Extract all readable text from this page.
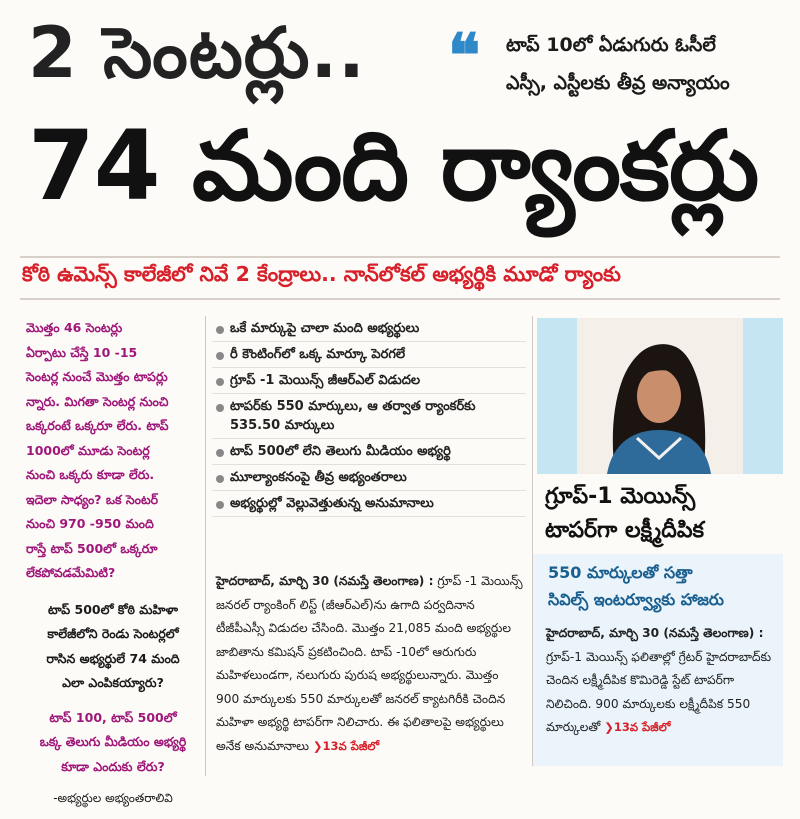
2 సెంటర్లు.. ❝ టాప్ 10లో ఏడుగురు ఓసీలే
ఎస్సీ, ఎస్టీలకు తీవ్ర అన్యాయం
74 మంది ర్యాంకర్లు
కోఠి ఉమెన్స్ కాలేజీలో నివే 2 కేంద్రాలు.. నాన్‌లోకల్ అభ్యర్థికి మూడో ర్యాంకు

మొత్తం 46 సెంటర్లు

ఏర్పాటు చేస్తే 10 -15

సెంటర్ల నుంచే మొత్తం టాపర్లు

న్నారు. మిగతా సెంటర్ల నుంచి

ఒక్కరంటే ఒక్కరూ లేరు. టాప్

1000లో మూడు సెంటర్ల

నుంచి ఒక్కరు కూడా లేరు.

ఇదెలా సాధ్యం? ఒక సెంటర్

నుంచి 970 -950 మంది

రాస్తే టాప్ 500లో ఒక్కరూ

లేకపోవడమేమిటి?

టాప్ 500లో కోఠి మహిళా

కాలేజీలోని రెండు సెంటర్లలో

రాసిన అభ్యర్థులే 74 మంది

ఎలా ఎంపికయ్యారు?

టాప్ 100, టాప్ 500లో

ఒక్క తెలుగు మీడియం అభ్యర్థి

కూడా ఎందుకు లేరు?

-అభ్యర్థుల అభ్యంతరాలివి
ఒకే మార్కుపై చాలా మంది అభ్యర్థులు
రీ కౌంటింగ్‌లో ఒక్క మార్కూ పెరగలే
గ్రూప్ -1 మెయిన్స్ జీఆర్ఎల్ విడుదల
టాపర్‌కు 550 మార్కులు, ఆ తర్వాత ర్యాంకర్‌కు 535.50 మార్కులు
టాప్ 500లో లేని తెలుగు మీడియం అభ్యర్థి
మూల్యాంకనంపై తీవ్ర అభ్యంతరాలు
అభ్యర్థుల్లో వెల్లువెత్తుతున్న అనుమానాలు
హైదరాబాద్, మార్చి 30 (నమస్తే తెలంగాణ) : గ్రూప్ -1 మెయిన్స్ జనరల్ ర్యాంకింగ్ లిస్ట్ (జీఆర్ఎల్)ను ఉగాది పర్వదినాన టీజీపీఎస్సీ విడుదల చేసింది. మొత్తం 21,085 మంది అభ్యర్థుల జాబితాను కమిషన్ ప్రకటించింది. టాప్ -10లో ఆరుగురు మహిళలుండగా, నలుగురు పురుష అభ్యర్థులున్నారు. మొత్తం 900 మార్కులకు 550 మార్కులతో జనరల్ క్యాటగిరీకి చెందిన మహిళా అభ్యర్థి టాపర్‌గా నిలిచారు. ఈ ఫలితాలపై అభ్యర్థులు అనేక అనుమానాలు ❯13వ పేజీలో
గ్రూప్-1 మెయిన్స్
టాపర్‌గా లక్ష్మీదీపిక
550 మార్కులతో సత్తా
సివిల్స్ ఇంటర్వ్యూకు హాజరు
హైదరాబాద్, మార్చి 30 (నమస్తే తెలంగాణ) : గ్రూప్-1 మెయిన్స్ ఫలితాల్లో గ్రేటర్ హైదరాబాద్‌కు చెందిన లక్ష్మీదీపిక కొమిరెడ్డి స్టేట్ టాపర్‌గా నిలిచింది. 900 మార్కులకు లక్ష్మీదీపిక 550 మార్కులతో ❯13వ పేజీలో
